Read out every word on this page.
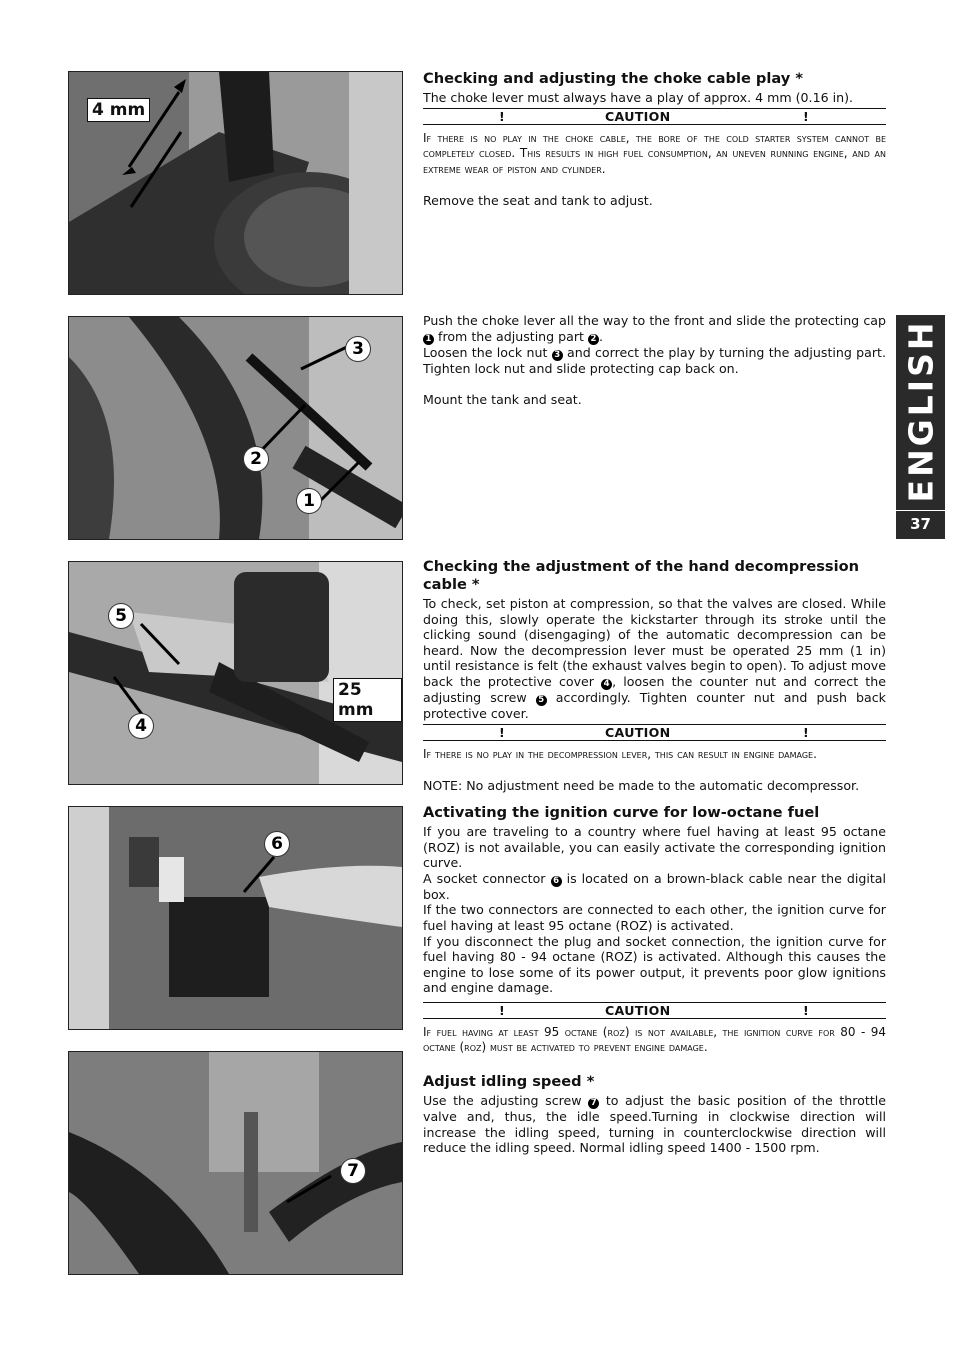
4 mm
3
2
1
5
4
25 mm
6
7
ENGLISH
37
Checking and adjusting the choke cable play *

The choke lever must always have a play of approx. 4 mm (0.16 in).

!	CAUTION	!

If there is no play in the choke cable, the bore of the cold starter system cannot be completely closed. This results in high fuel consumption, an uneven running engine, and an extreme wear of piston and cylinder.

Remove the seat and tank to adjust.

Push the choke lever all the way to the front and slide the protecting cap 1 from the adjusting part 2 .

Loosen the lock nut 3 and correct the play by turning the adjusting part. Tighten lock nut and slide protecting cap back on.

Mount the tank and seat.

Checking the adjustment of the hand decompression cable *

To check, set piston at compression, so that the valves are closed. While doing this, slowly operate the kickstarter through its stroke until the clicking sound (disengaging) of the automatic decompression can be heard. Now the decompression lever must be operated 25 mm (1 in) until resistance is felt (the exhaust valves begin to open). To adjust move back the protective cover 4 , loosen the counter nut and correct the adjusting screw 5 accordingly. Tighten counter nut and push back protective cover.

!	CAUTION	!

If there is no play in the decompression lever, this can result in engine damage.

NOTE: No adjustment need be made to the automatic decompressor.

Activating the ignition curve for low-octane fuel

If you are traveling to a country where fuel having at least 95 octane (ROZ) is not available, you can easily activate the corresponding ignition curve.

A socket connector 6 is located on a brown-black cable near the digital box.

If the two connectors are connected to each other, the ignition curve for fuel having at least 95 octane (ROZ) is activated.

If you disconnect the plug and socket connection, the ignition curve for fuel having 80 - 94 octane (ROZ) is activated. Although this causes the engine to lose some of its power output, it prevents poor glow ignitions and engine damage.

!	CAUTION	!

If fuel having at least 95 octane (roz) is not available, the ignition curve for 80 - 94 octane (roz) must be activated to prevent engine damage.

Adjust idling speed *

Use the adjusting screw 7 to adjust the basic position of the throttle valve and, thus, the idle speed.Turning in clockwise direction will increase the idling speed, turning in counterclockwise direction will reduce the idling speed. Normal idling speed 1400 - 1500 rpm.
